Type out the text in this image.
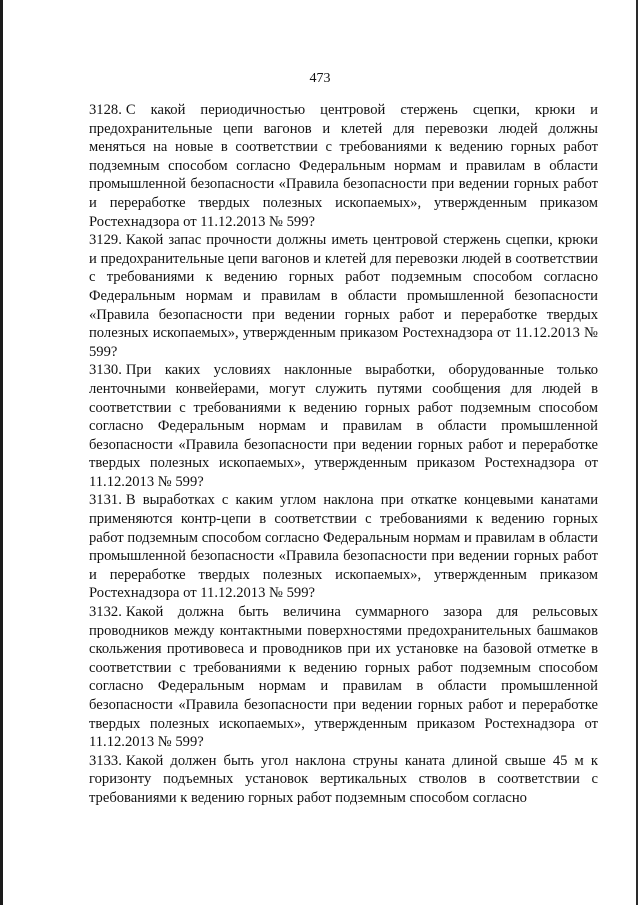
473

3128. С какой периодичностью центровой стержень сцепки, крюки и предохранительные цепи вагонов и клетей для перевозки людей должны меняться на новые в соответствии с требованиями к ведению горных работ подземным способом согласно Федеральным нормам и правилам в области промышленной безопасности «Правила безопасности при ведении горных работ и переработке твердых полезных ископаемых», утвержденным приказом Ростехнадзора от 11.12.2013 № 599?

3129. Какой запас прочности должны иметь центровой стержень сцепки, крюки и предохранительные цепи вагонов и клетей для перевозки людей в соответствии с требованиями к ведению горных работ подземным способом согласно Федеральным нормам и правилам в области промышленной безопасности «Правила безопасности при ведении горных работ и переработке твердых полезных ископаемых», утвержденным приказом Ростехнадзора от 11.12.2013 № 599?

3130. При каких условиях наклонные выработки, оборудованные только ленточными конвейерами, могут служить путями сообщения для людей в соответствии с требованиями к ведению горных работ подземным способом согласно Федеральным нормам и правилам в области промышленной безопасности «Правила безопасности при ведении горных работ и переработке твердых полезных ископаемых», утвержденным приказом Ростехнадзора от 11.12.2013 № 599?

3131. В выработках с каким углом наклона при откатке концевыми канатами применяются контр-цепи в соответствии с требованиями к ведению горных работ подземным способом согласно Федеральным нормам и правилам в области промышленной безопасности «Правила безопасности при ведении горных работ и переработке твердых полезных ископаемых», утвержденным приказом Ростехнадзора от 11.12.2013 № 599?

3132. Какой должна быть величина суммарного зазора для рельсовых проводников между контактными поверхностями предохранительных башмаков скольжения противовеса и проводников при их установке на базовой отметке в соответствии с требованиями к ведению горных работ подземным способом согласно Федеральным нормам и правилам в области промышленной безопасности «Правила безопасности при ведении горных работ и переработке твердых полезных ископаемых», утвержденным приказом Ростехнадзора от 11.12.2013 № 599?

3133. Какой должен быть угол наклона струны каната длиной свыше 45 м к горизонту подъемных установок вертикальных стволов в соответствии с требованиями к ведению горных работ подземным способом согласно
